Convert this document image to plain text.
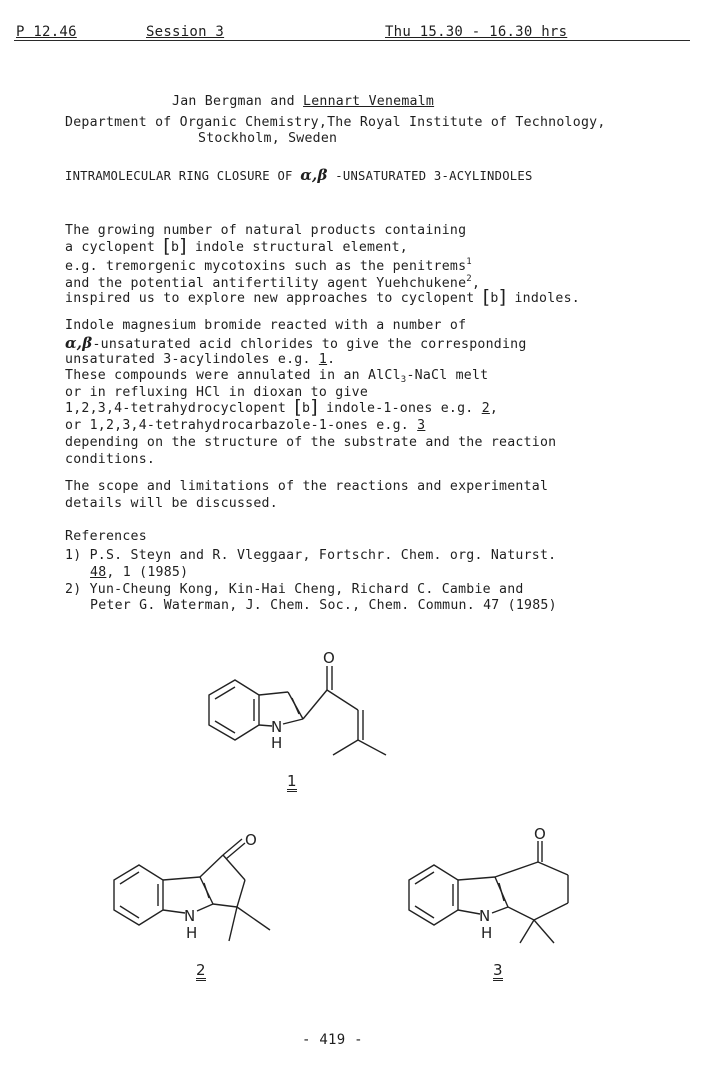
P 12.46	Session 3	Thu 15.30 - 16.30 hrs
Jan Bergman and Lennart Venemalm
Department of Organic Chemistry,The Royal Institute of Technology,
Stockholm, Sweden
INTRAMOLECULAR RING CLOSURE OF α,β -UNSATURATED 3-ACYLINDOLES
The growing number of natural products containing
a cyclopent [b] indole structural element,
e.g. tremorgenic mycotoxins such as the penitrems$^1$
and the potential antifertility agent Yuehchukene$^2$,
inspired us to explore new approaches to cyclopent [b] indoles.
Indole magnesium bromide reacted with a number of
α,β-unsaturated acid chlorides to give the corresponding
unsaturated 3-acylindoles e.g. 1.
These compounds were annulated in an AlCl$_3$-NaCl melt
or in refluxing HCl in dioxan to give
1,2,3,4-tetrahydrocyclopent [b] indole-1-ones e.g. 2,
or 1,2,3,4-tetrahydrocarbazole-1-ones e.g. 3
depending on the structure of the substrate and the reaction
conditions.
The scope and limitations of the reactions and experimental
details will be discussed.
References
1) P.S. Steyn and R. Vleggaar, Fortschr. Chem. org. Naturst.
48, 1 (1985)
2) Yun-Cheung Kong, Kin-Hai Cheng, Richard C. Cambie and
Peter G. Waterman, J. Chem. Soc., Chem. Commun. 47 (1985)
O
N
H
1
O
N
H
2
O
N
H
3
- 419 -
